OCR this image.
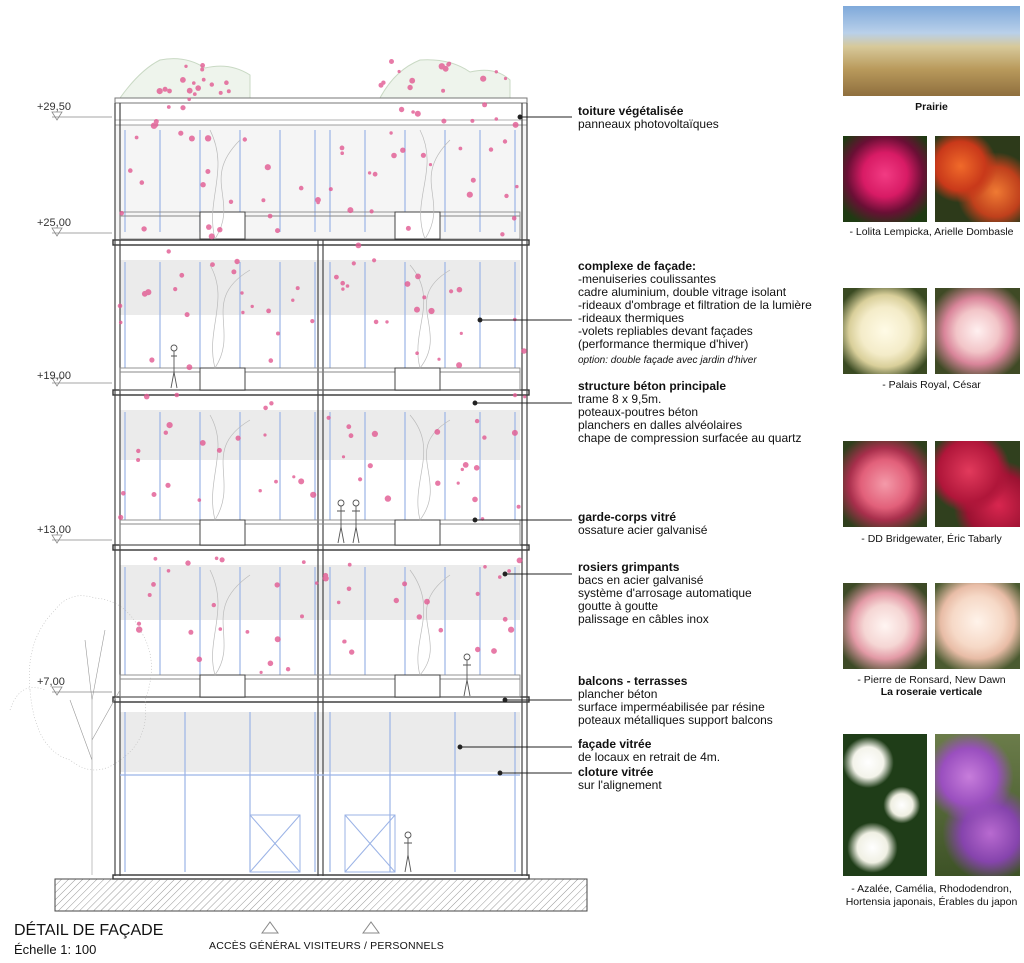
+29,50
+25,00
+19,00
+13,00
+7,00
toiture végétalisée
panneaux photovoltaïques
complexe de façade:
-menuiseries coulissantes
cadre aluminium, double vitrage isolant
-rideaux d'ombrage et filtration de la lumière
-rideaux thermiques
-volets repliables devant façades
(performance thermique d'hiver)
option: double façade avec jardin d'hiver
structure béton principale
trame 8 x 9,5m.
poteaux-poutres béton
planchers en dalles alvéolaires
chape de compression surfacée au quartz
garde-corps vitré
ossature acier galvanisé
rosiers grimpants
bacs en acier galvanisé
système d'arrosage automatique
goutte à goutte
palissage en câbles inox
balcons - terrasses
plancher béton
surface imperméabilisée par résine
poteaux métalliques support balcons
façade vitrée
de locaux en retrait de 4m.
cloture vitrée
sur l'alignement
Prairie
- Lolita Lempicka, Arielle Dombasle
- Palais Royal, César
- DD Bridgewater, Éric Tabarly
- Pierre de Ronsard, New Dawn
La roseraie verticale
- Azalée, Camélia, Rhododendron,
Hortensia japonais, Érables du japon
DÉTAIL DE FAÇADE
Échelle 1: 100	ACCÈS GÉNÉRAL VISITEURS / PERSONNELS
